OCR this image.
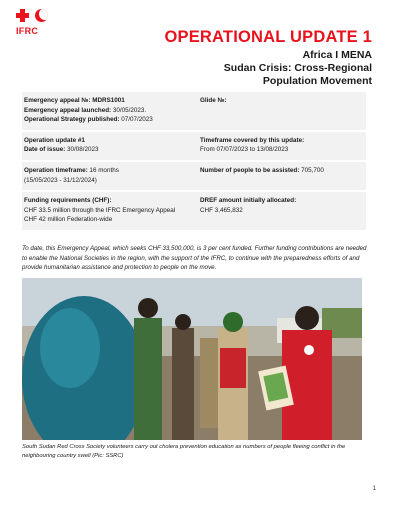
IFRC	OPERATIONAL UPDATE 1
Africa I MENA
Sudan Crisis: Cross-Regional
Population Movement
Emergency appeal №: MDRS1001
Emergency appeal launched: 30/05/2023.
Operational Strategy published: 07/07/2023
Glide №:
Operation update #1
Date of issue: 30/08/2023
Timeframe covered by this update:
From 07/07/2023 to 13/08/2023
Operation timeframe: 16 months
(15/05/2023 - 31/12/2024)
Number of people to be assisted: 705,700
Funding requirements (CHF):
CHF 33.5 million through the IFRC Emergency Appeal
CHF 42 million Federation-wide
DREF amount initially allocated:
CHF 3,465,832

To date, this Emergency Appeal, which seeks CHF 33,500,000, is 3 per cent funded. Further funding contributions are needed to enable the National Societies in the region, with the support of the IFRC, to continue with the preparedness efforts of and provide humanitarian assistance and protection to people on the move.

South Sudan Red Cross Society volunteers carry out cholera prevention education as numbers of people fleeing conflict in the neighbouring country swell (Pic: SSRC)

1
